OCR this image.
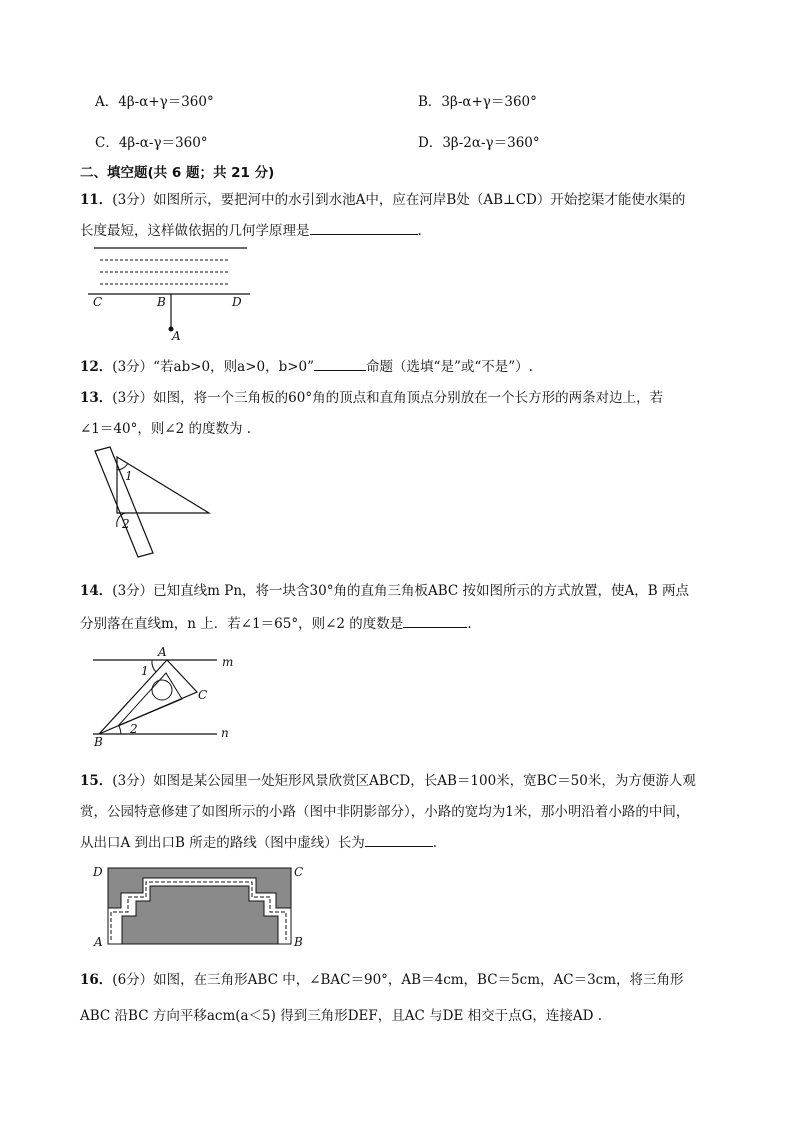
A．4β-α+γ＝360°	B．3β-α+γ＝360°
C．4β-α-γ＝360°	D．3β-2α-γ＝360°
二、填空题(共 6 题；共 21 分)
11．(3分）如图所示，要把河中的水引到水池A中，应在河岸B处（AB⊥CD）开始挖渠才能使水渠的
长度最短，这样做依据的几何学原理是	.
C	B	D
A
12．(3分）“若ab>0，则a>0，b>0”	命题（选填“是”或“不是”）.
13．(3分）如图，将一个三角板的60°角的顶点和直角顶点分别放在一个长方形的两条对边上，若
∠1＝40°，则∠2 的度数为 .
1
2
14．(3分）已知直线m Pn，将一块含30°角的直角三角板ABC 按如图所示的方式放置，使A，B 两点
分别落在直线m，n 上．若∠1＝65°，则∠2 的度数是	.
A
m
1
C
2	n
B
15．(3分）如图是某公园里一处矩形风景欣赏区ABCD，长AB＝100米，宽BC＝50米，为方便游人观
赏，公园特意修建了如图所示的小路（图中非阴影部分），小路的宽均为1米，那小明沿着小路的中间，
从出口A 到出口B 所走的路线（图中虚线）长为	.
D	C
A	B
16．(6分）如图，在三角形ABC 中，∠BAC＝90°，AB＝4cm，BC＝5cm，AC＝3cm，将三角形
ABC 沿BC 方向平移acm(a＜5) 得到三角形DEF，且AC 与DE 相交于点G，连接AD .
